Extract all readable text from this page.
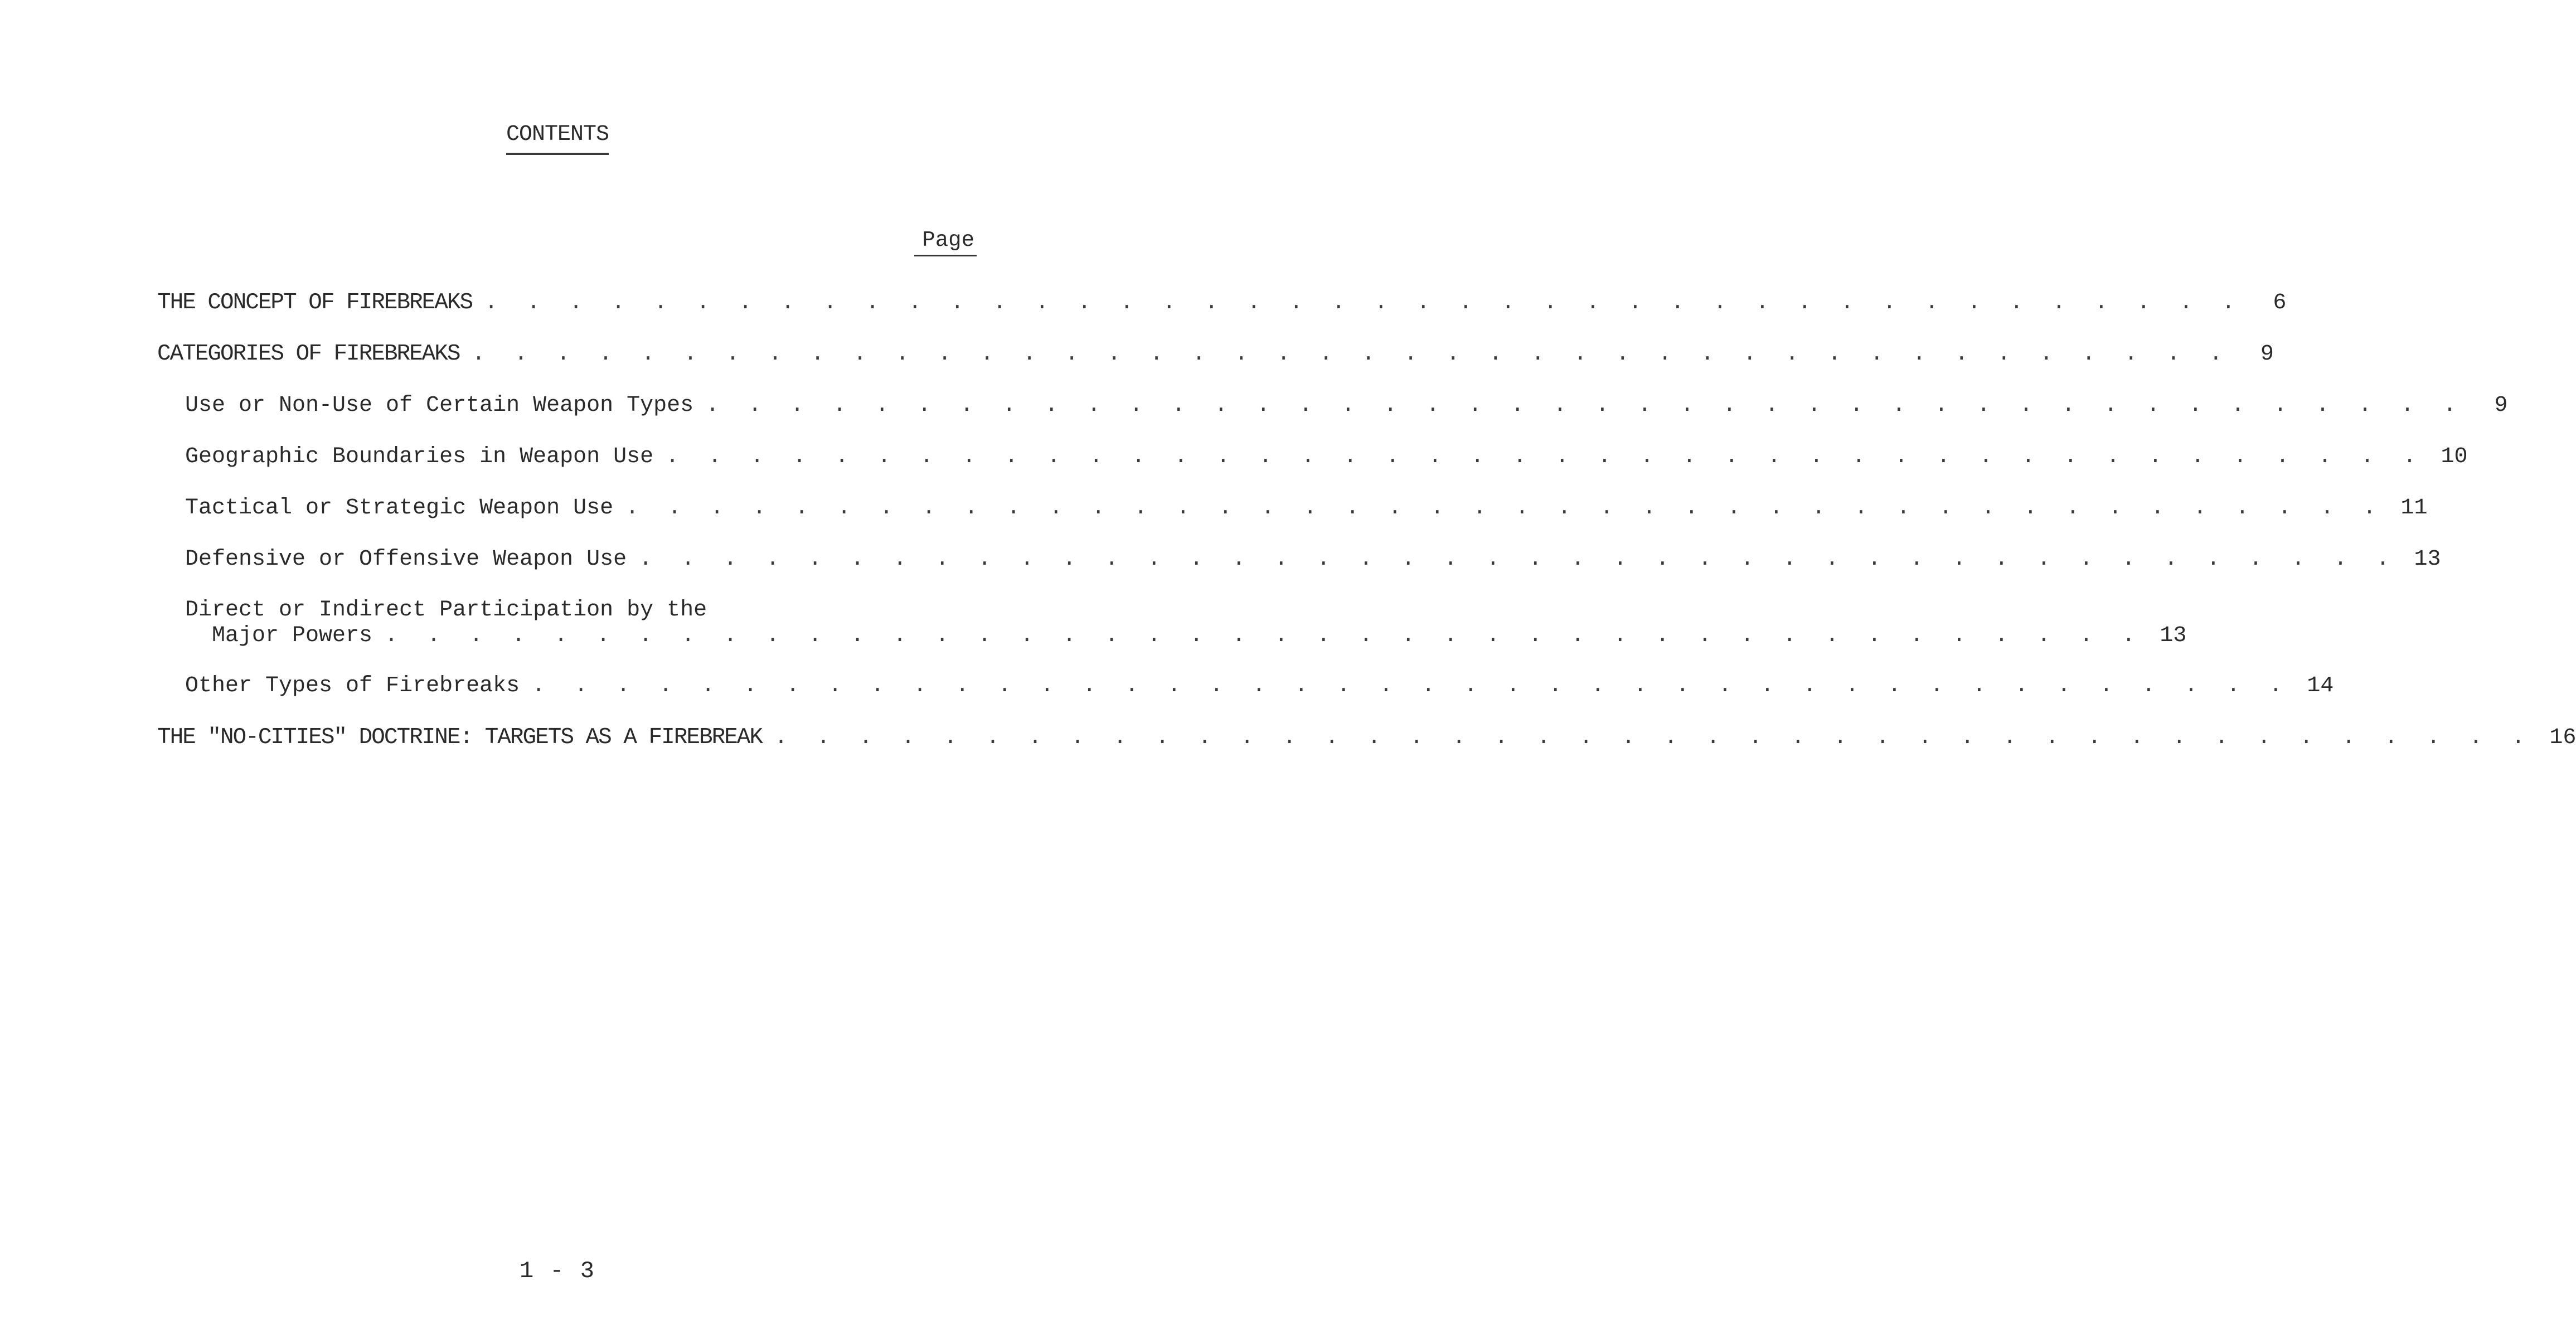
CONTENTS
Page
THE CONCEPT OF FIREBREAKS . . . . . . . . . . . . . . . . . . . . . . . . . . . . . . . . . . . . . . . . . .	6
CATEGORIES OF FIREBREAKS . . . . . . . . . . . . . . . . . . . . . . . . . . . . . . . . . . . . . . . . . .	9
Use or Non-Use of Certain Weapon Types . . . . . . . . . . . . . . . . . . . . . . . . . . . . . . . . . . . . . . . . . .	9
Geographic Boundaries in Weapon Use . . . . . . . . . . . . . . . . . . . . . . . . . . . . . . . . . . . . . . . . . . 10
Tactical or Strategic Weapon Use . . . . . . . . . . . . . . . . . . . . . . . . . . . . . . . . . . . . . . . . . . 11
Defensive or Offensive Weapon Use . . . . . . . . . . . . . . . . . . . . . . . . . . . . . . . . . . . . . . . . . . 13
Direct or Indirect Participation by the
Major Powers . . . . . . . . . . . . . . . . . . . . . . . . . . . . . . . . . . . . . . . . . . 13
Other Types of Firebreaks . . . . . . . . . . . . . . . . . . . . . . . . . . . . . . . . . . . . . . . . . . 14
THE "NO-CITIES" DOCTRINE: TARGETS AS A FIREBREAK . . . . . . . . . . . . . . . . . . . . . . . . . . . . . . . . . . . . . . . . . . 16
1 - 3
